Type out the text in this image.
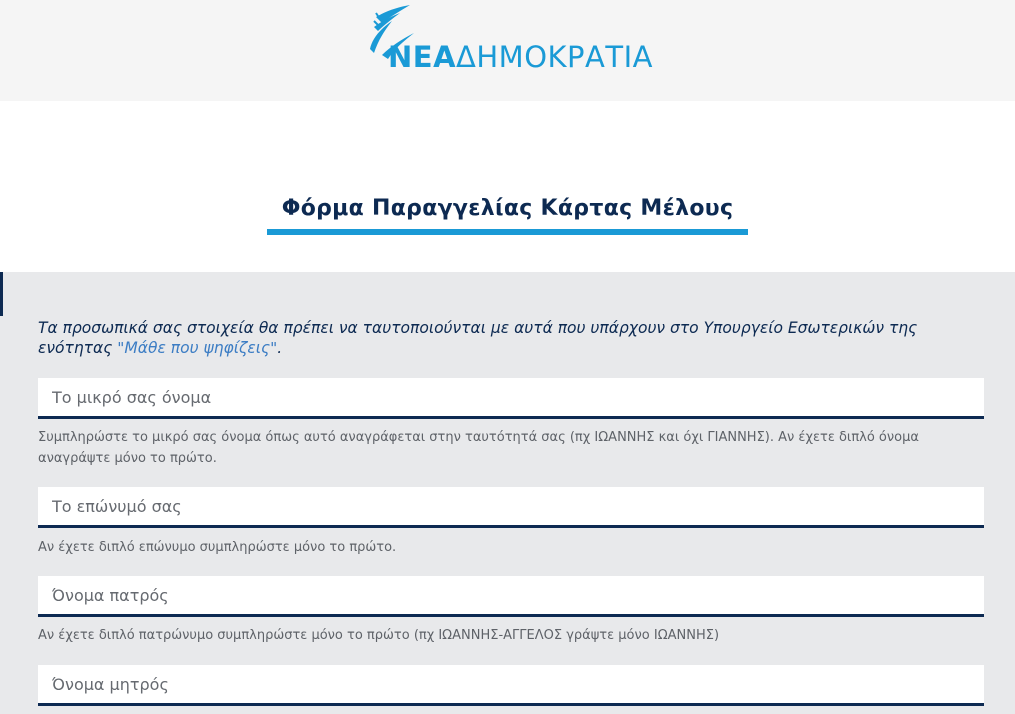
ΝΕΑΔΗΜΟΚΡΑΤΙΑ
Φόρμα Παραγγελίας Κάρτας Μέλους
Τα προσωπικά σας στοιχεία θα πρέπει να ταυτοποιούνται με αυτά που υπάρχουν στο Υπουργείο Εσωτερικών της ενότητας "Μάθε που ψηφίζεις".
Το μικρό σας όνομα
Συμπληρώστε το μικρό σας όνομα όπως αυτό αναγράφεται στην ταυτότητά σας (πχ ΙΩΑΝΝΗΣ και όχι ΓΙΑΝΝΗΣ). Αν έχετε διπλό όνομα αναγράψτε μόνο το πρώτο.
Το επώνυμό σας
Αν έχετε διπλό επώνυμο συμπληρώστε μόνο το πρώτο.
Όνομα πατρός
Αν έχετε διπλό πατρώνυμο συμπληρώστε μόνο το πρώτο (πχ ΙΩΑΝΝΗΣ-ΑΓΓΕΛΟΣ γράψτε μόνο ΙΩΑΝΝΗΣ)
Όνομα μητρός
